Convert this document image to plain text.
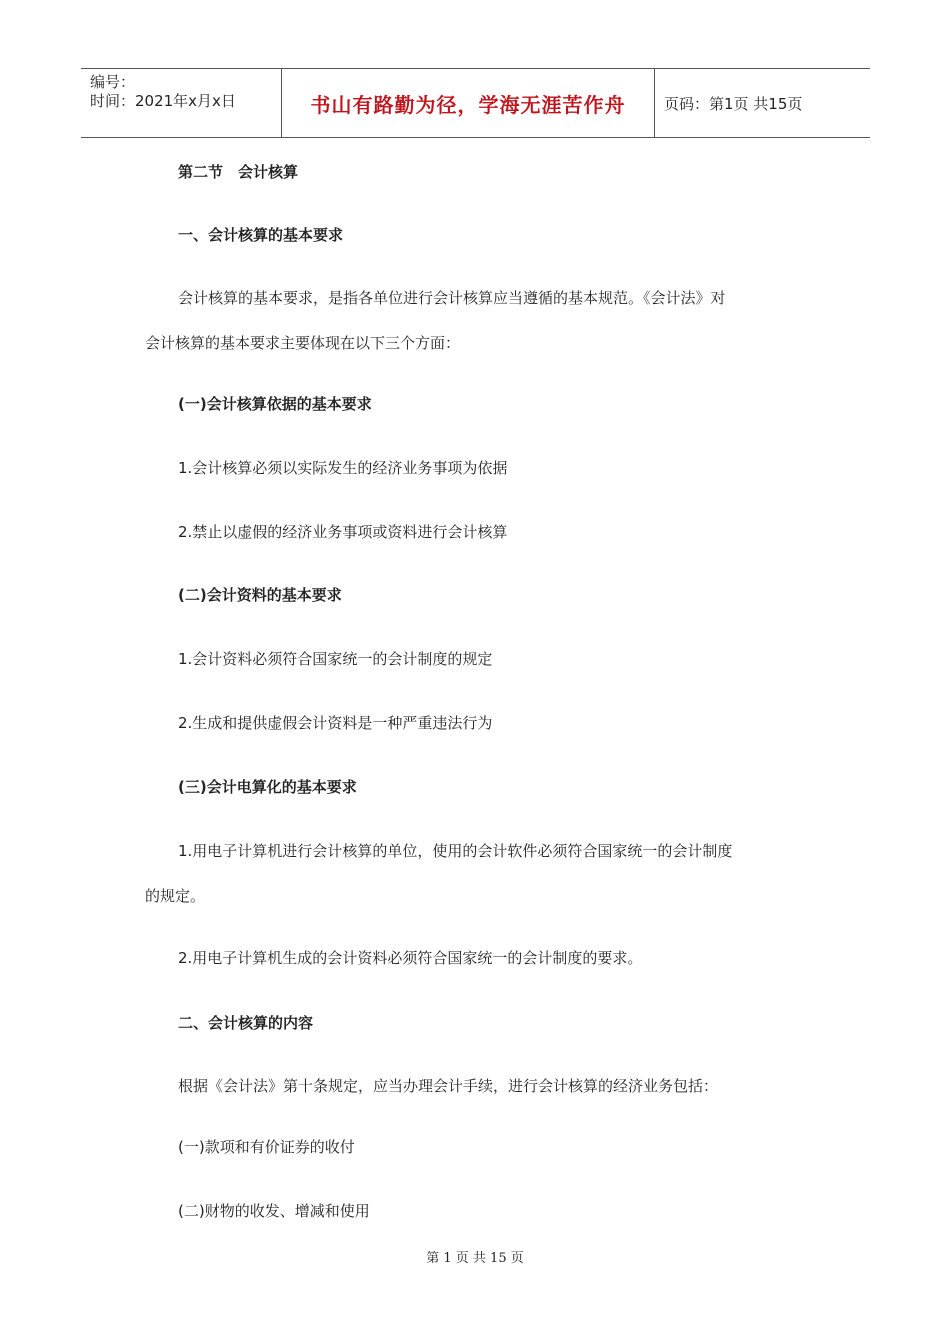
编号：
时间：2021年x月x日	书山有路勤为径，学海无涯苦作舟	页码：第1页 共15页
第二节　会计核算
一、会计核算的基本要求
会计核算的基本要求，是指各单位进行会计核算应当遵循的基本规范。《会计法》对
会计核算的基本要求主要体现在以下三个方面：
(一)会计核算依据的基本要求
1.会计核算必须以实际发生的经济业务事项为依据
2.禁止以虚假的经济业务事项或资料进行会计核算
(二)会计资料的基本要求
1.会计资料必须符合国家统一的会计制度的规定
2.生成和提供虚假会计资料是一种严重违法行为
(三)会计电算化的基本要求
1.用电子计算机进行会计核算的单位，使用的会计软件必须符合国家统一的会计制度
的规定。
2.用电子计算机生成的会计资料必须符合国家统一的会计制度的要求。
二、会计核算的内容
根据《会计法》第十条规定，应当办理会计手续，进行会计核算的经济业务包括：
(一)款项和有价证券的收付
(二)财物的收发、增减和使用
第 1 页 共 15 页
